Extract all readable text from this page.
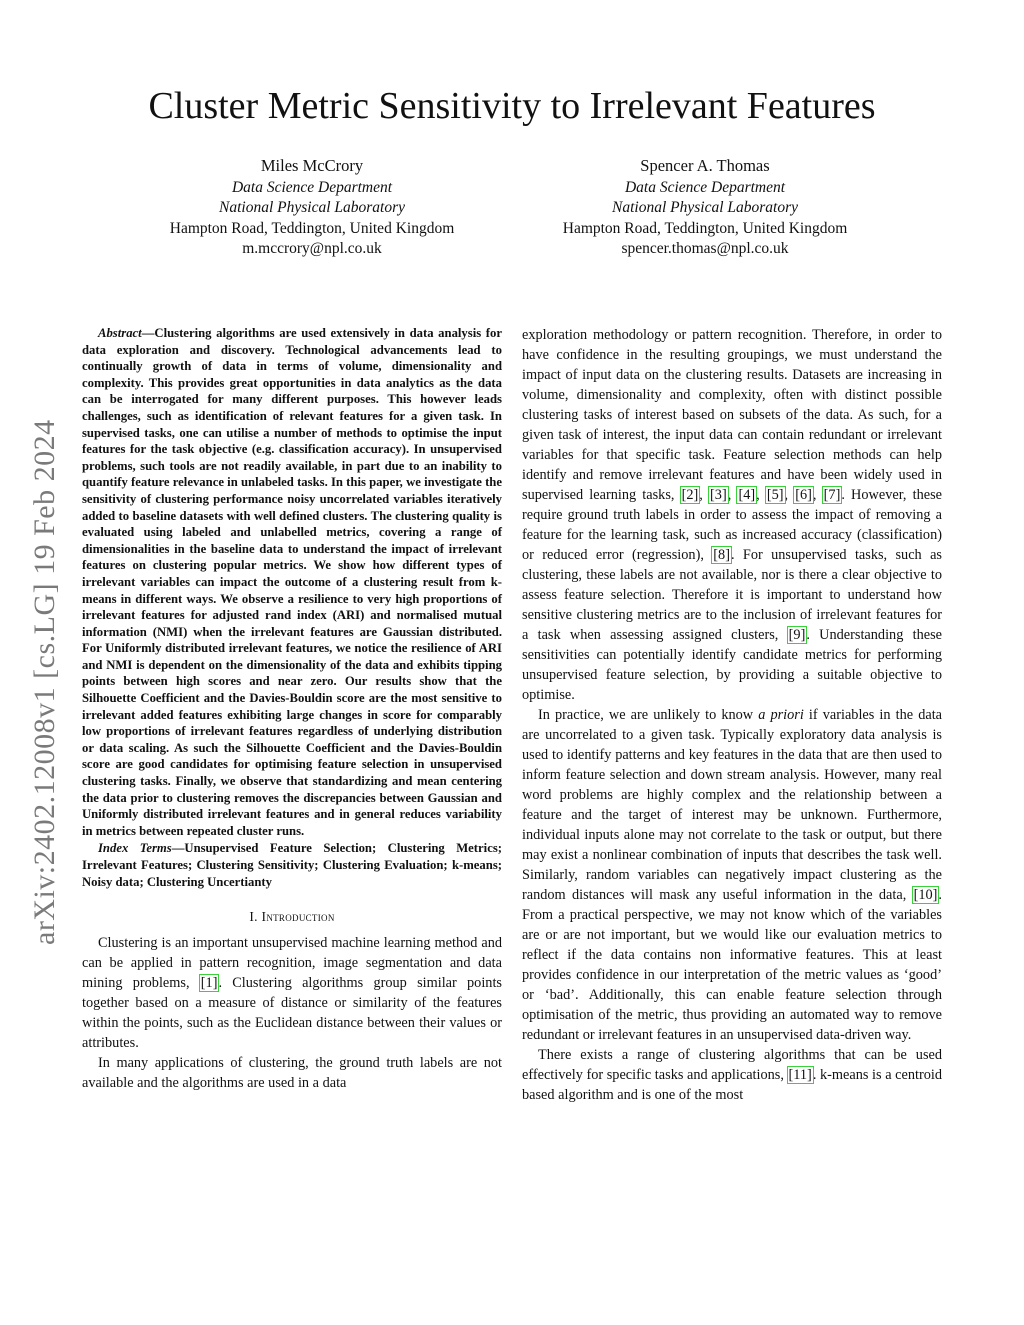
arXiv:2402.12008v1 [cs.LG] 19 Feb 2024
Cluster Metric Sensitivity to Irrelevant Features
Miles McCrory
Data Science Department
National Physical Laboratory
Hampton Road, Teddington, United Kingdom
m.mccrory@npl.co.uk
Spencer A. Thomas
Data Science Department
National Physical Laboratory
Hampton Road, Teddington, United Kingdom
spencer.thomas@npl.co.uk

Abstract—Clustering algorithms are used extensively in data analysis for data exploration and discovery. Technological advancements lead to continually growth of data in terms of volume, dimensionality and complexity. This provides great opportunities in data analytics as the data can be interrogated for many different purposes. This however leads challenges, such as identification of relevant features for a given task. In supervised tasks, one can utilise a number of methods to optimise the input features for the task objective (e.g. classification accuracy). In unsupervised problems, such tools are not readily available, in part due to an inability to quantify feature relevance in unlabeled tasks. In this paper, we investigate the sensitivity of clustering performance noisy uncorrelated variables iteratively added to baseline datasets with well defined clusters. The clustering quality is evaluated using labeled and unlabelled metrics, covering a range of dimensionalities in the baseline data to understand the impact of irrelevant features on clustering popular metrics. We show how different types of irrelevant variables can impact the outcome of a clustering result from k-means in different ways. We observe a resilience to very high proportions of irrelevant features for adjusted rand index (ARI) and normalised mutual information (NMI) when the irrelevant features are Gaussian distributed. For Uniformly distributed irrelevant features, we notice the resilience of ARI and NMI is dependent on the dimensionality of the data and exhibits tipping points between high scores and near zero. Our results show that the Silhouette Coefficient and the Davies-Bouldin score are the most sensitive to irrelevant added features exhibiting large changes in score for comparably low proportions of irrelevant features regardless of underlying distribution or data scaling. As such the Silhouette Coefficient and the Davies-Bouldin score are good candidates for optimising feature selection in unsupervised clustering tasks. Finally, we observe that standardizing and mean centering the data prior to clustering removes the discrepancies between Gaussian and Uniformly distributed irrelevant features and in general reduces variability in metrics between repeated cluster runs.

Index Terms—Unsupervised Feature Selection; Clustering Metrics; Irrelevant Features; Clustering Sensitivity; Clustering Evaluation; k-means; Noisy data; Clustering Uncertianty

I. Introduction

Clustering is an important unsupervised machine learning method and can be applied in pattern recognition, image segmentation and data mining problems, [1]. Clustering algorithms group similar points together based on a measure of distance or similarity of the features within the points, such as the Euclidean distance between their values or attributes.

In many applications of clustering, the ground truth labels are not available and the algorithms are used in a data

exploration methodology or pattern recognition. Therefore, in order to have confidence in the resulting groupings, we must understand the impact of input data on the clustering results. Datasets are increasing in volume, dimensionality and complexity, often with distinct possible clustering tasks of interest based on subsets of the data. As such, for a given task of interest, the input data can contain redundant or irrelevant variables for that specific task. Feature selection methods can help identify and remove irrelevant features and have been widely used in supervised learning tasks, [2], [3], [4], [5], [6], [7]. However, these require ground truth labels in order to assess the impact of removing a feature for the learning task, such as increased accuracy (classification) or reduced error (regression), [8]. For unsupervised tasks, such as clustering, these labels are not available, nor is there a clear objective to assess feature selection. Therefore it is important to understand how sensitive clustering metrics are to the inclusion of irrelevant features for a task when assessing assigned clusters, [9]. Understanding these sensitivities can potentially identify candidate metrics for performing unsupervised feature selection, by providing a suitable objective to optimise.

In practice, we are unlikely to know a priori if variables in the data are uncorrelated to a given task. Typically exploratory data analysis is used to identify patterns and key features in the data that are then used to inform feature selection and down stream analysis. However, many real word problems are highly complex and the relationship between a feature and the target of interest may be unknown. Furthermore, individual inputs alone may not correlate to the task or output, but there may exist a nonlinear combination of inputs that describes the task well. Similarly, random variables can negatively impact clustering as the random distances will mask any useful information in the data, [10]. From a practical perspective, we may not know which of the variables are or are not important, but we would like our evaluation metrics to reflect if the data contains non informative features. This at least provides confidence in our interpretation of the metric values as ‘good’ or ‘bad’. Additionally, this can enable feature selection through optimisation of the metric, thus providing an automated way to remove redundant or irrelevant features in an unsupervised data-driven way.

There exists a range of clustering algorithms that can be used effectively for specific tasks and applications, [11]. k-means is a centroid based algorithm and is one of the most
